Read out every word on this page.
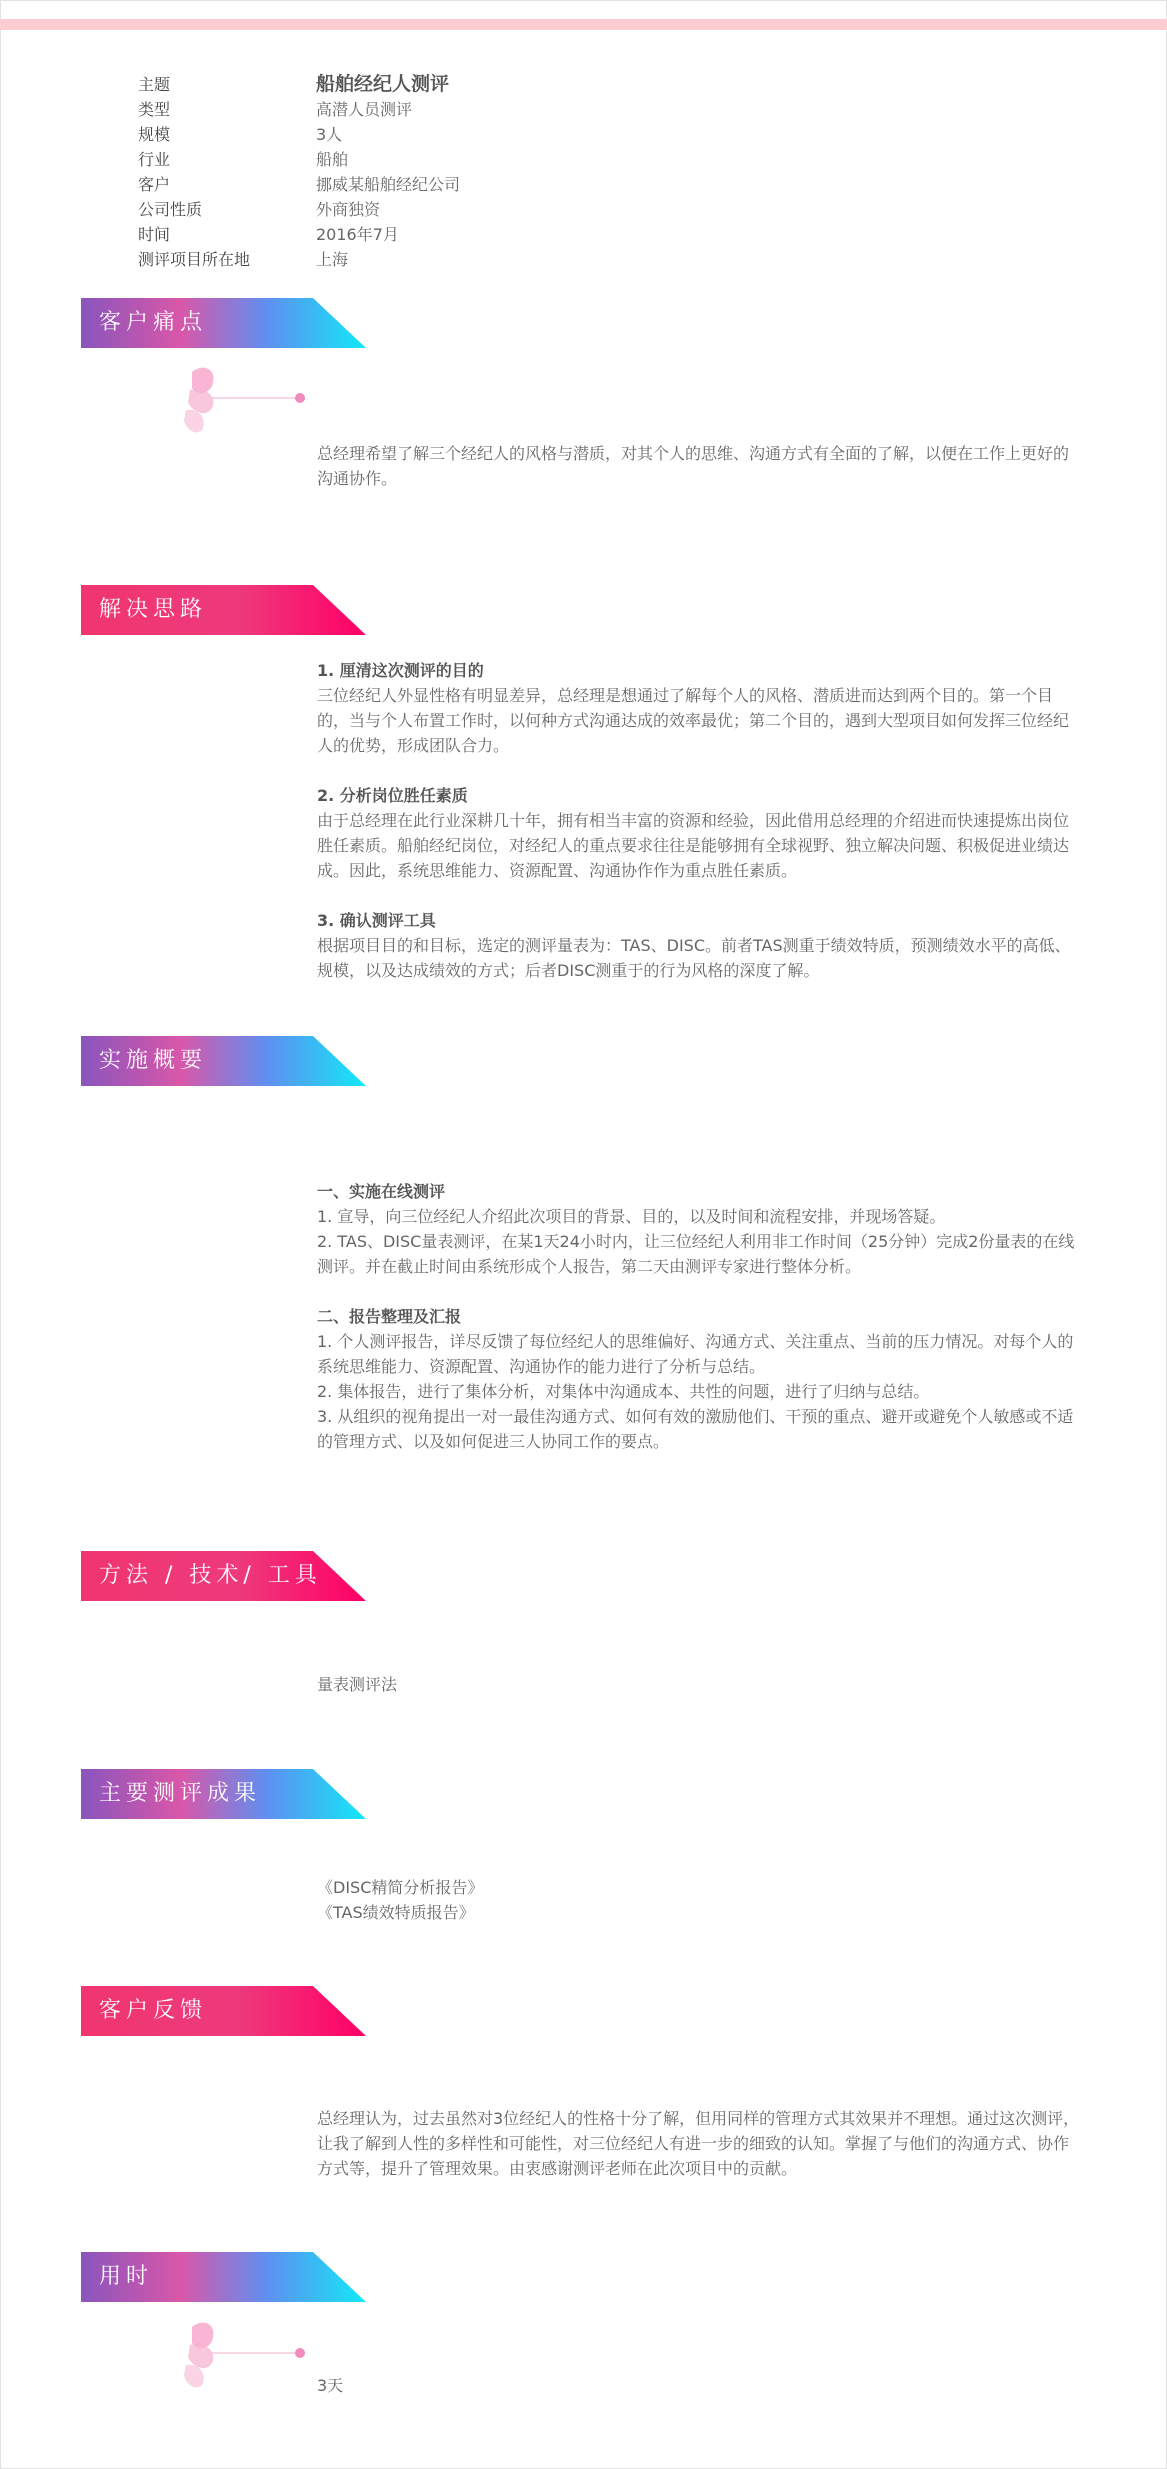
主题	船舶经纪人测评
类型	高潜人员测评
规模	3人
行业	船舶
客户	挪威某船舶经纪公司
公司性质	外商独资
时间	2016年7月
测评项目所在地	上海
客户痛点

总经理希望了解三个经纪人的风格与潜质，对其个人的思维、沟通方式有全面的了解，以便在工作上更好的沟通协作。

解决思路

1. 厘清这次测评的目的

三位经纪人外显性格有明显差异，总经理是想通过了解每个人的风格、潜质进而达到两个目的。第一个目的，当与个人布置工作时，以何种方式沟通达成的效率最优；第二个目的，遇到大型项目如何发挥三位经纪人的优势，形成团队合力。

2. 分析岗位胜任素质

由于总经理在此行业深耕几十年，拥有相当丰富的资源和经验，因此借用总经理的介绍进而快速提炼出岗位胜任素质。船舶经纪岗位，对经纪人的重点要求往往是能够拥有全球视野、独立解决问题、积极促进业绩达成。因此，系统思维能力、资源配置、沟通协作作为重点胜任素质。

3. 确认测评工具

根据项目目的和目标，选定的测评量表为：TAS、DISC。前者TAS测重于绩效特质，预测绩效水平的高低、规模，以及达成绩效的方式；后者DISC测重于的行为风格的深度了解。

实施概要

一、实施在线测评

1. 宣导，向三位经纪人介绍此次项目的背景、目的，以及时间和流程安排，并现场答疑。

2. TAS、DISC量表测评，在某1天24小时内，让三位经纪人利用非工作时间（25分钟）完成2份量表的在线测评。并在截止时间由系统形成个人报告，第二天由测评专家进行整体分析。

二、报告整理及汇报

1. 个人测评报告，详尽反馈了每位经纪人的思维偏好、沟通方式、关注重点、当前的压力情况。对每个人的系统思维能力、资源配置、沟通协作的能力进行了分析与总结。

2. 集体报告，进行了集体分析，对集体中沟通成本、共性的问题，进行了归纳与总结。

3. 从组织的视角提出一对一最佳沟通方式、如何有效的激励他们、干预的重点、避开或避免个人敏感或不适的管理方式、以及如何促进三人协同工作的要点。

方法 / 技术/ 工具

量表测评法

主要测评成果

《DISC精简分析报告》

《TAS绩效特质报告》

客户反馈

总经理认为，过去虽然对3位经纪人的性格十分了解，但用同样的管理方式其效果并不理想。通过这次测评，让我了解到人性的多样性和可能性，对三位经纪人有进一步的细致的认知。掌握了与他们的沟通方式、协作方式等，提升了管理效果。由衷感谢测评老师在此次项目中的贡献。

用时

3天
